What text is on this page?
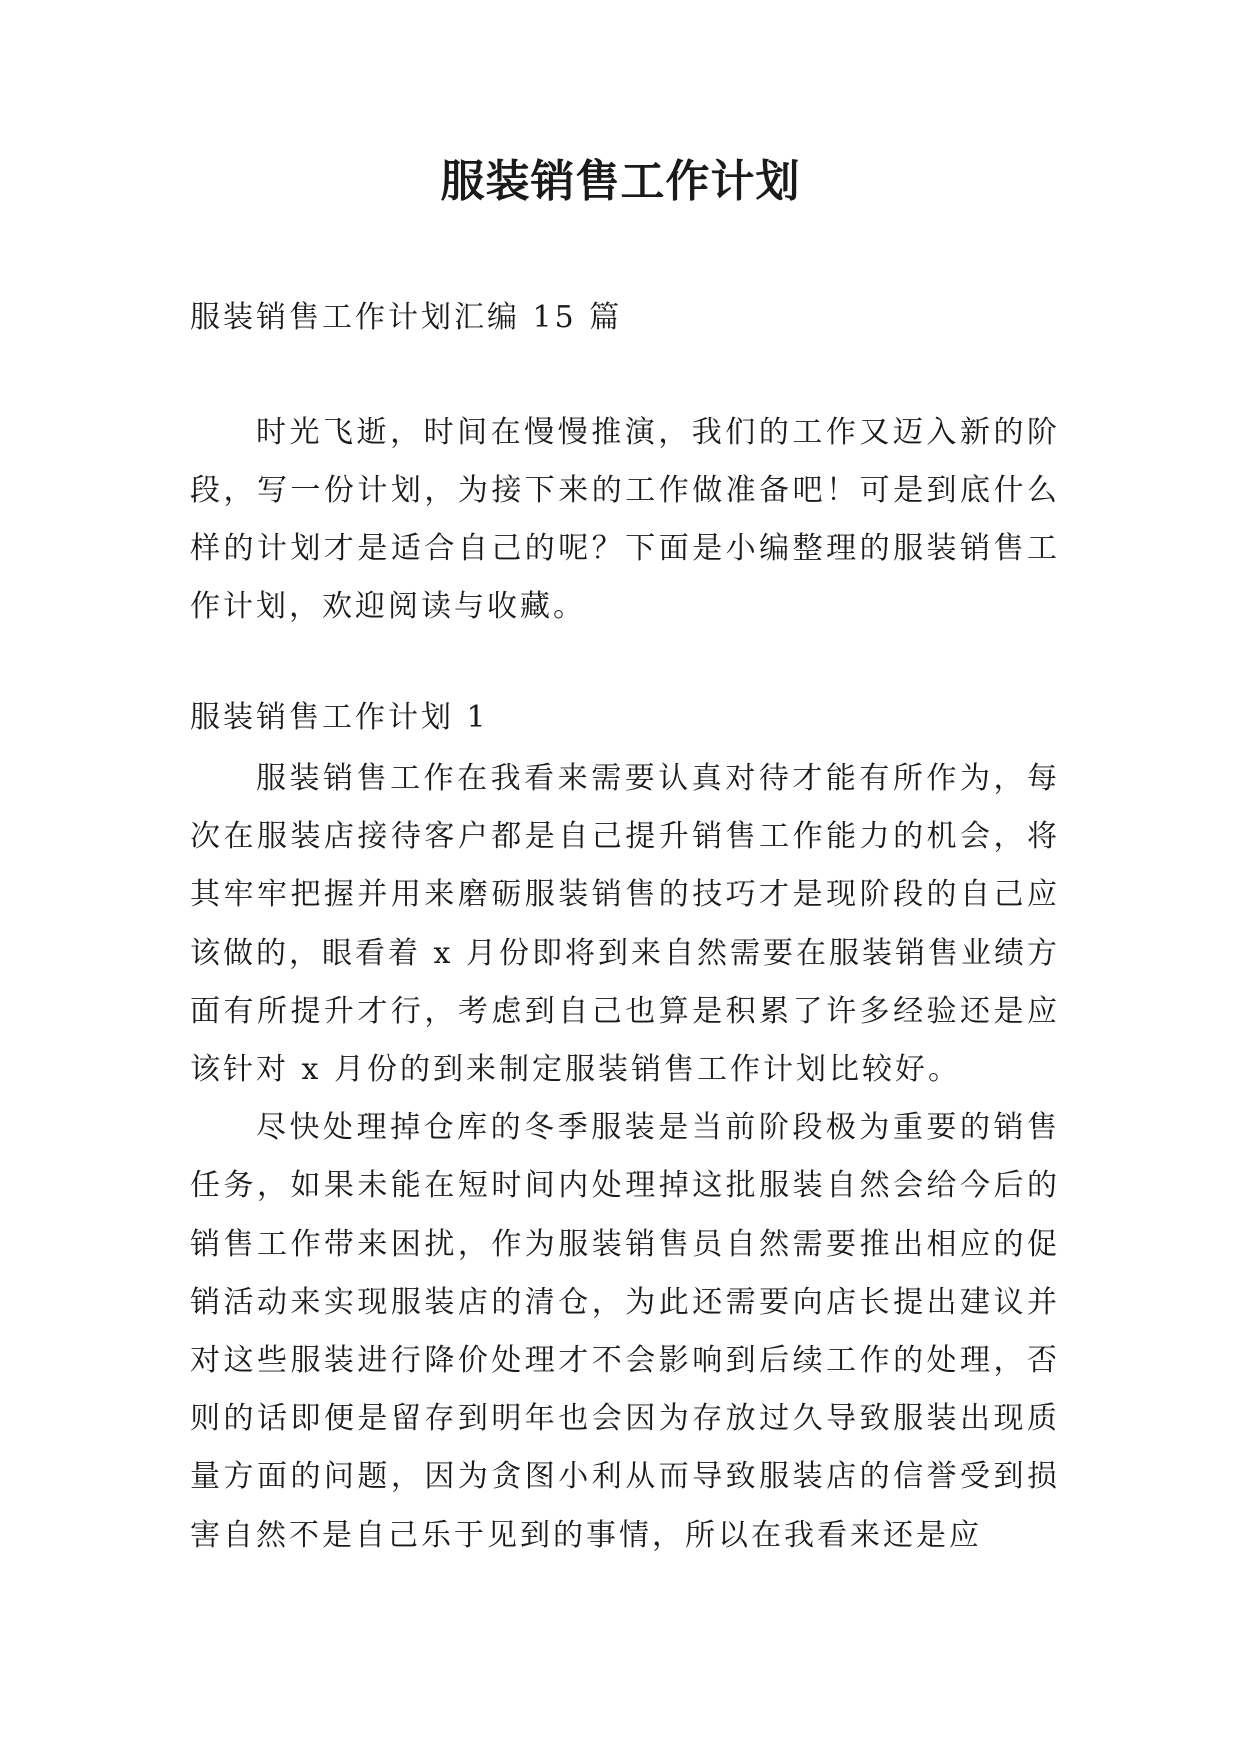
服装销售工作计划

服装销售工作计划汇编 15 篇

时光飞逝，时间在慢慢推演，我们的工作又迈入新的阶段，写一份计划，为接下来的工作做准备吧！可是到底什么样的计划才是适合自己的呢？下面是小编整理的服装销售工作计划，欢迎阅读与收藏。

服装销售工作计划 1

服装销售工作在我看来需要认真对待才能有所作为，每次在服装店接待客户都是自己提升销售工作能力的机会，将其牢牢把握并用来磨砺服装销售的技巧才是现阶段的自己应该做的，眼看着 x 月份即将到来自然需要在服装销售业绩方面有所提升才行，考虑到自己也算是积累了许多经验还是应该针对 x 月份的到来制定服装销售工作计划比较好。

尽快处理掉仓库的冬季服装是当前阶段极为重要的销售任务，如果未能在短时间内处理掉这批服装自然会给今后的销售工作带来困扰，作为服装销售员自然需要推出相应的促销活动来实现服装店的清仓，为此还需要向店长提出建议并对这些服装进行降价处理才不会影响到后续工作的处理，否则的话即便是留存到明年也会因为存放过久导致服装出现质量方面的问题，因为贪图小利从而导致服装店的信誉受到损害自然不是自己乐于见到的事情，所以在我看来还是应
